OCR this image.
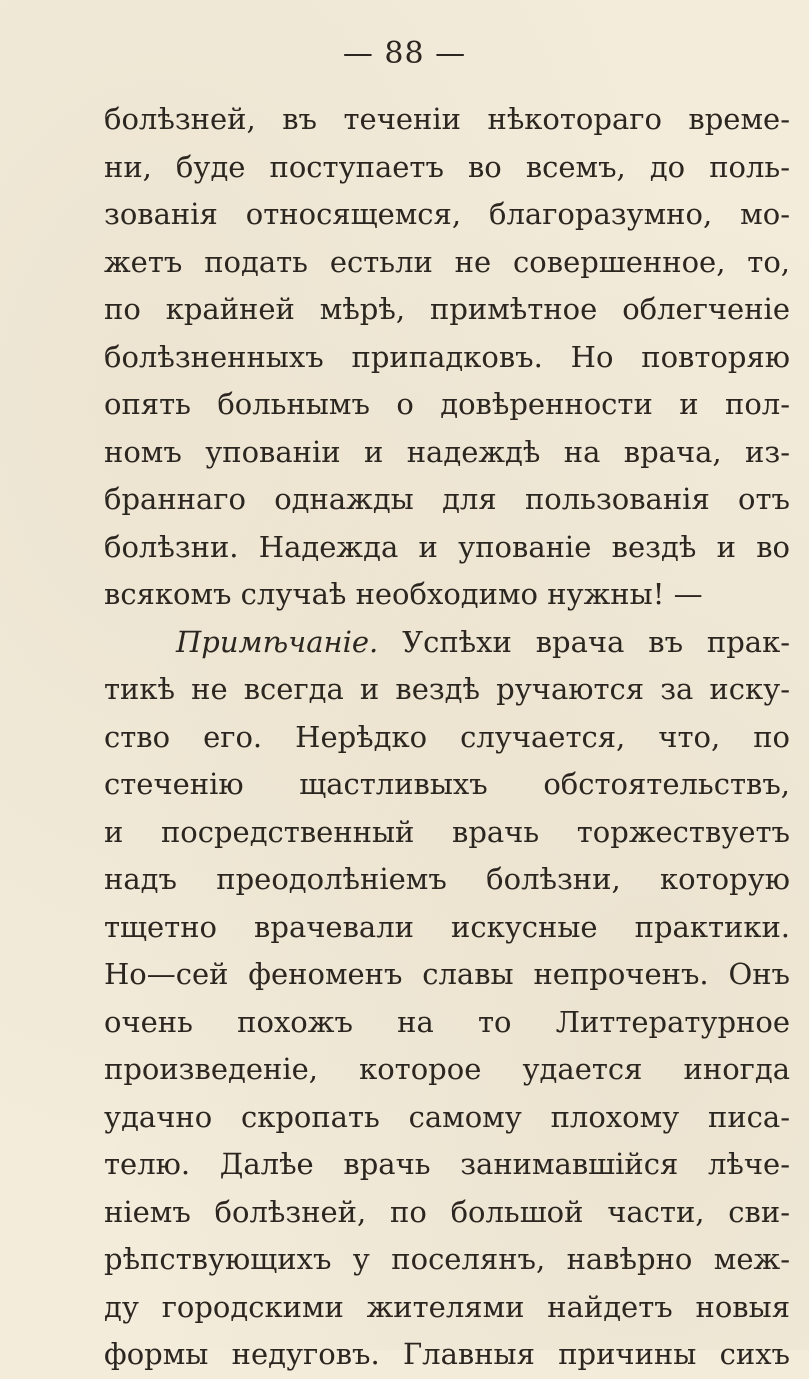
— 88 —
болѣзней, въ теченіи нѣкотораго време-
ни, буде поступаетъ во всемъ, до поль-
зованія относящемся, благоразумно, мо-
жетъ подать естьли не совершенное, то,
по крайней мѣрѣ, примѣтное облегченіе
болѣзненныхъ припадковъ. Но повторяю
опять больнымъ о довѣренности и пол-
номъ упованіи и надеждѣ на врача, из-
браннаго однажды для пользованія отъ
болѣзни. Надежда и упованіе вездѣ и во
всякомъ случаѣ необходимо нужны! —
Примѣчаніе. Успѣхи врача въ прак-
тикѣ не всегда и вездѣ ручаются за иску-
ство его. Нерѣдко случается, что, по
стеченію щастливыхъ обстоятельствъ,
и посредственный врачь торжествуетъ
надъ преодолѣніемъ болѣзни, которую
тщетно врачевали искусные практики.
Но—сей феноменъ славы непроченъ. Онъ
очень похожъ на то Литтературное
произведеніе, которое удается иногда
удачно скропать самому плохому писа-
телю. Далѣе врачь занимавшійся лѣче-
ніемъ болѣзней, по большой части, сви-
рѣпствующихъ у поселянъ, навѣрно меж-
ду городскими жителями найдетъ новыя
формы недуговъ. Главныя причины сихъ
